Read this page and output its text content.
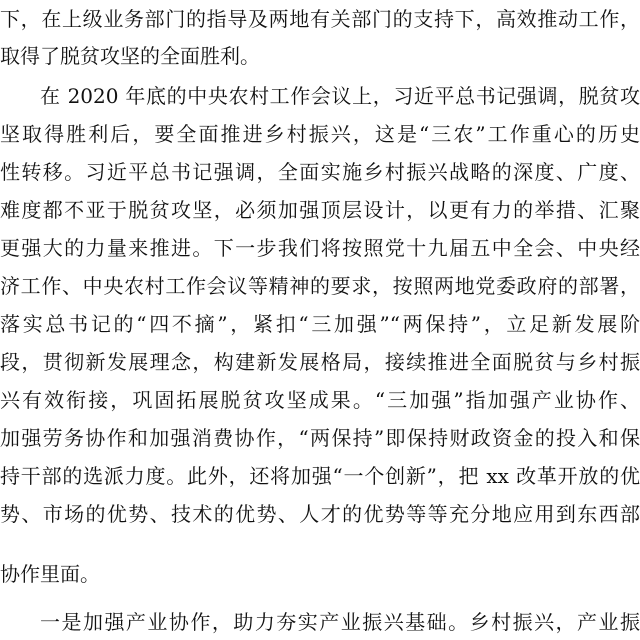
下，在上级业务部门的指导及两地有关部门的支持下，高效推动工作，
取得了脱贫攻坚的全面胜利。
在 2020 年底的中央农村工作会议上，习近平总书记强调，脱贫攻
坚取得胜利后，要全面推进乡村振兴，这是“三农”工作重心的历史
性转移。习近平总书记强调，全面实施乡村振兴战略的深度、广度、
难度都不亚于脱贫攻坚，必须加强顶层设计，以更有力的举措、汇聚
更强大的力量来推进。下一步我们将按照党十九届五中全会、中央经
济工作、中央农村工作会议等精神的要求，按照两地党委政府的部署，
落实总书记的“四不摘”，紧扣“三加强”“两保持”，立足新发展阶
段，贯彻新发展理念，构建新发展格局，接续推进全面脱贫与乡村振
兴有效衔接，巩固拓展脱贫攻坚成果。“三加强”指加强产业协作、
加强劳务协作和加强消费协作，“两保持”即保持财政资金的投入和保
持干部的选派力度。此外，还将加强“一个创新”，把 xx 改革开放的优
势、市场的优势、技术的优势、人才的优势等等充分地应用到东西部
协作里面。
一是加强产业协作，助力夯实产业振兴基础。乡村振兴，产业振
